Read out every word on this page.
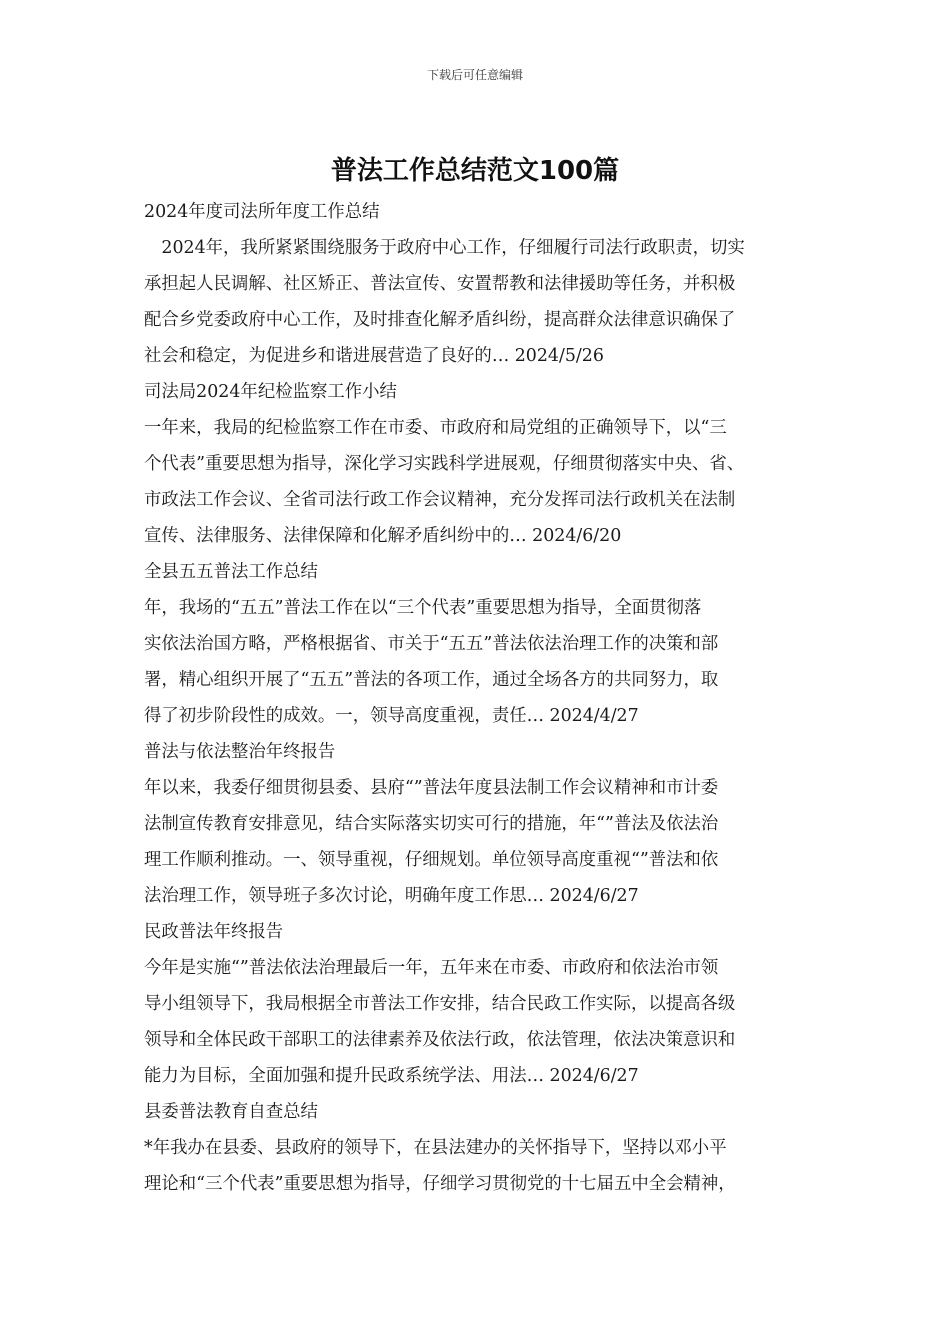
下载后可任意编辑
普法工作总结范文100篇
2024年度司法所年度工作总结
　2024年，我所紧紧围绕服务于政府中心工作，仔细履行司法行政职责，切实
承担起人民调解、社区矫正、普法宣传、安置帮教和法律援助等任务，并积极
配合乡党委政府中心工作，及时排查化解矛盾纠纷，提高群众法律意识确保了
社会和稳定，为促进乡和谐进展营造了良好的… 2024/5/26
司法局2024年纪检监察工作小结
一年来，我局的纪检监察工作在市委、市政府和局党组的正确领导下，以“三
个代表”重要思想为指导，深化学习实践科学进展观，仔细贯彻落实中央、省、
市政法工作会议、全省司法行政工作会议精神，充分发挥司法行政机关在法制
宣传、法律服务、法律保障和化解矛盾纠纷中的… 2024/6/20
全县五五普法工作总结
年，我场的“五五”普法工作在以“三个代表”重要思想为指导，全面贯彻落
实依法治国方略，严格根据省、市关于“五五”普法依法治理工作的决策和部
署，精心组织开展了“五五”普法的各项工作，通过全场各方的共同努力，取
得了初步阶段性的成效。一，领导高度重视，责任… 2024/4/27
普法与依法整治年终报告
年以来，我委仔细贯彻县委、县府“”普法年度县法制工作会议精神和市计委
法制宣传教育安排意见，结合实际落实切实可行的措施，年“”普法及依法治
理工作顺利推动。一、领导重视，仔细规划。单位领导高度重视“”普法和依
法治理工作，领导班子多次讨论，明确年度工作思… 2024/6/27
民政普法年终报告
今年是实施“”普法依法治理最后一年，五年来在市委、市政府和依法治市领
导小组领导下，我局根据全市普法工作安排，结合民政工作实际，以提高各级
领导和全体民政干部职工的法律素养及依法行政，依法管理，依法决策意识和
能力为目标，全面加强和提升民政系统学法、用法… 2024/6/27
县委普法教育自查总结
*年我办在县委、县政府的领导下，在县法建办的关怀指导下，坚持以邓小平
理论和“三个代表”重要思想为指导，仔细学习贯彻党的十七届五中全会精神，
